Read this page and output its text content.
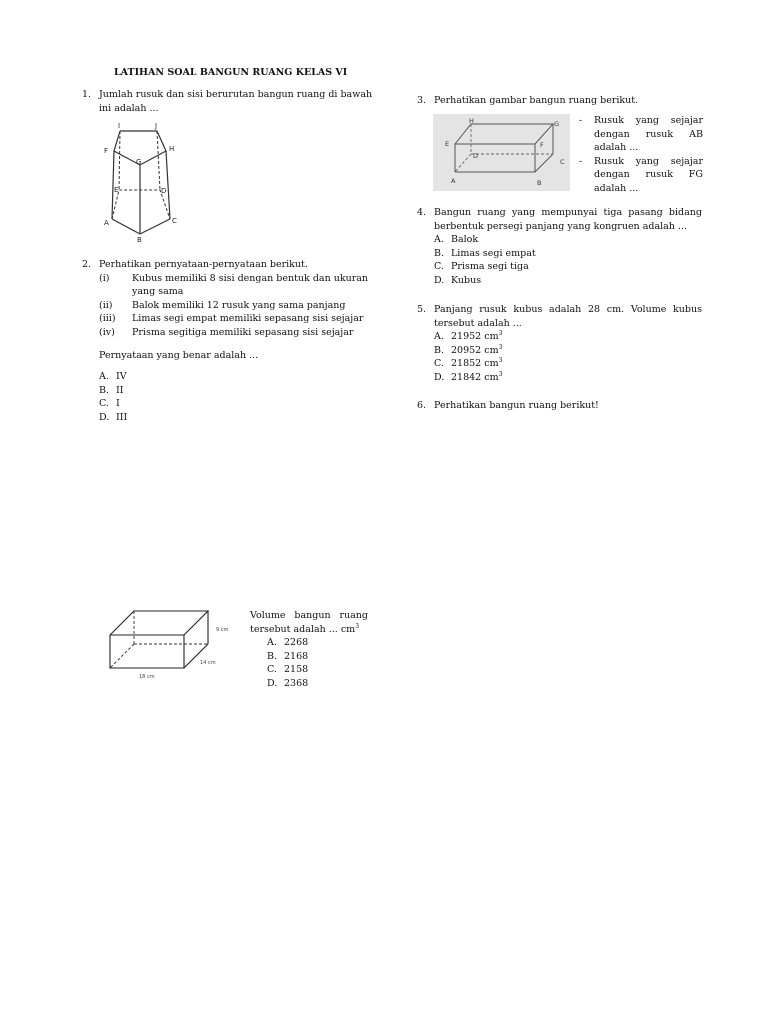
LATIHAN SOAL BANGUN RUANG KELAS VI
1. Jumlah rusuk dan sisi berurutan bangun ruang di bawah
ini adalah ...
I	J
F	H
G
E	D
A	C
B
2. Perhatikan pernyataan-pernyataan berikut.
(i) Kubus memiliki 8 sisi dengan bentuk dan ukuran
yang sama
(ii) Balok memiliki 12 rusuk yang sama panjang
(iii) Limas segi empat memiliki sepasang sisi sejajar
(iv) Prisma segitiga memiliki sepasang sisi sejajar
Pernyataan yang benar adalah ...
A. IV
B. II
C. I
D. III
3. Perhatikan gambar bangun ruang berikut.
H	G
E	F
D
C
A	B
- Rusuk yang sejajar
dengan rusuk AB
adalah ...
- Rusuk yang sejajar
dengan rusuk FG
adalah ...
4. Bangun ruang yang mempunyai tiga pasang bidang
berbentuk persegi panjang yang kongruen adalah ...
A. Balok
B. Limas segi empat
C. Prisma segi tiga
D. Kubus
5. Panjang rusuk kubus adalah 28 cm. Volume kubus
tersebut adalah ...
A. 21952 $cm^3$
B. 20952 $cm^3$
C. 21852 $cm^3$
D. 21842 $cm^3$
6. Perhatikan bangun ruang berikut!
9 cm
14 cm
18 cm
Volume bangun ruang
tersebut adalah ... $cm^3$
A. 2268
B. 2168
C. 2158
D. 2368
